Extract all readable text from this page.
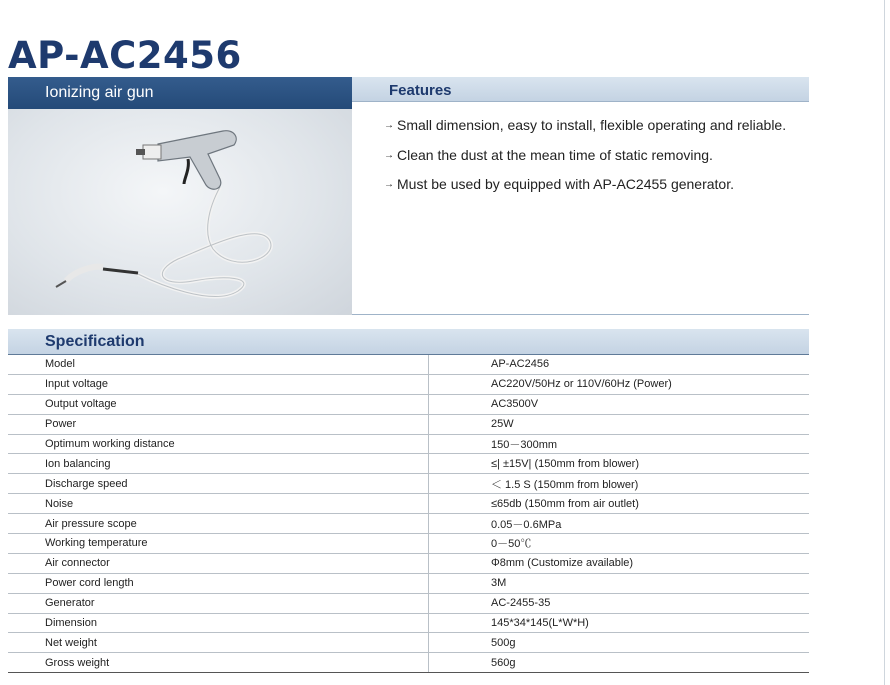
AP-AC2456
Ionizing air gun	Features
→ Small dimension, easy to install, flexible operating and reliable.
→ Clean the dust at the mean time of static removing.
→ Must be used by equipped with AP-AC2455 generator.
Specification
Model	AP-AC2456
Input voltage	AC220V/50Hz or 110V/60Hz (Power)
Output voltage	AC3500V
Power	25W
Optimum working distance	150－300mm
Ion balancing	≤| ±15V| (150mm from blower)
Discharge speed	＜ 1.5 S (150mm from blower)
Noise	≤65db (150mm from air outlet)
Air pressure scope	0.05－0.6MPa
Working temperature	0－50℃
Air connector	Φ8mm (Customize available)
Power cord length	3M
Generator	AC-2455-35
Dimension	145*34*145(L*W*H)
Net weight	500g
Gross weight	560g
